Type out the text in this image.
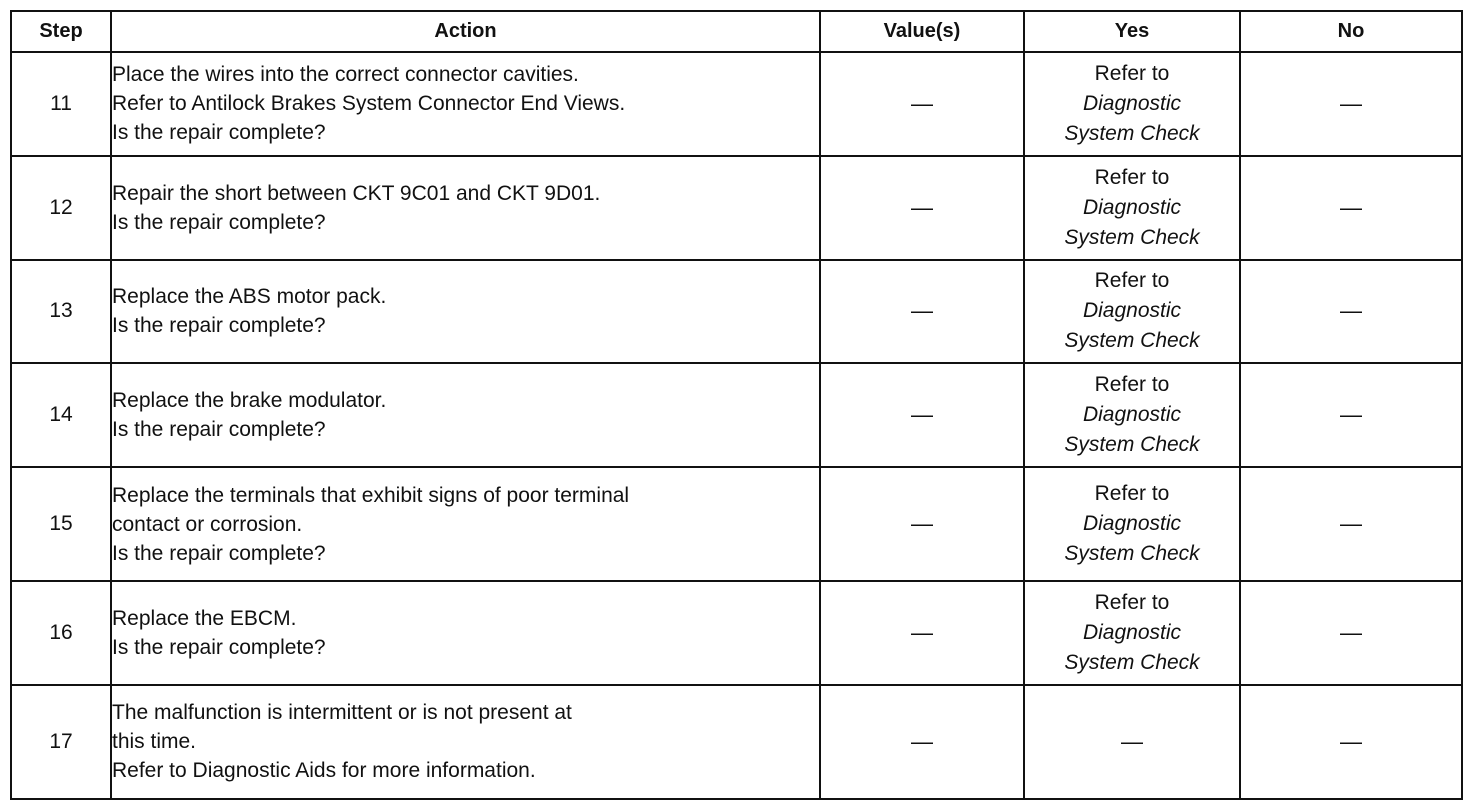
Step	Action	Value(s)	Yes	No
11	Place the wires into the correct connector cavities.
Refer to Antilock Brakes System Connector End Views.
Is the repair complete?	—	Refer to
Diagnostic
System Check	—
12	Repair the short between CKT 9C01 and CKT 9D01.
Is the repair complete?	—	Refer to
Diagnostic
System Check	—
13	Replace the ABS motor pack.
Is the repair complete?	—	Refer to
Diagnostic
System Check	—
14	Replace the brake modulator.
Is the repair complete?	—	Refer to
Diagnostic
System Check	—
15	Replace the terminals that exhibit signs of poor terminal
contact or corrosion.
Is the repair complete?	—	Refer to
Diagnostic
System Check	—
16	Replace the EBCM.
Is the repair complete?	—	Refer to
Diagnostic
System Check	—
17	The malfunction is intermittent or is not present at
this time.
Refer to Diagnostic Aids for more information.	—	—	—
